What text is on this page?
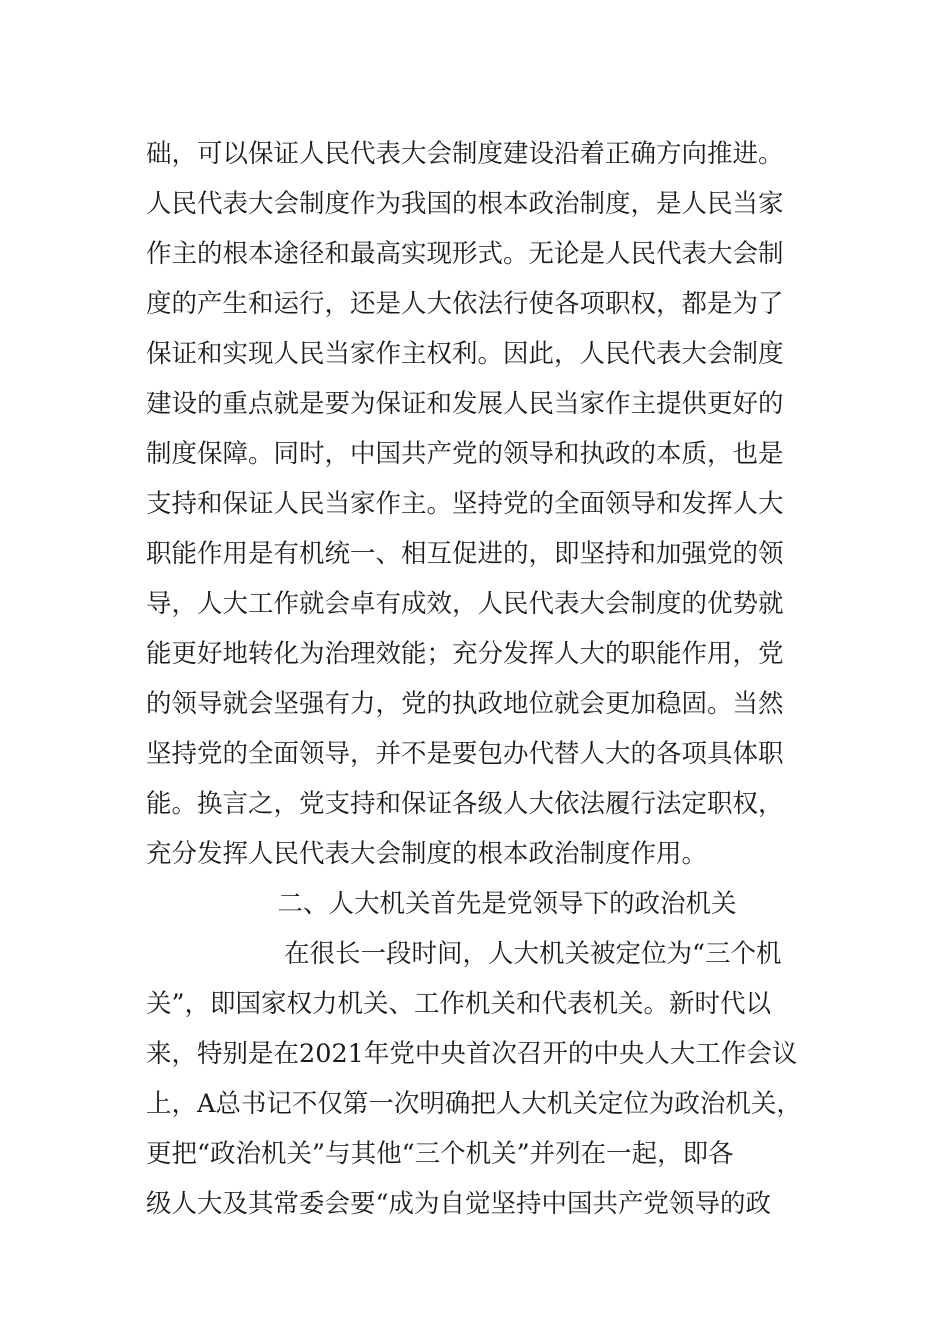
础，可以保证人民代表大会制度建设沿着正确方向推进。
人民代表大会制度作为我国的根本政治制度，是人民当家
作主的根本途径和最高实现形式。无论是人民代表大会制
度的产生和运行，还是人大依法行使各项职权，都是为了
保证和实现人民当家作主权利。因此，人民代表大会制度
建设的重点就是要为保证和发展人民当家作主提供更好的
制度保障。同时，中国共产党的领导和执政的本质，也是
支持和保证人民当家作主。坚持党的全面领导和发挥人大
职能作用是有机统一、相互促进的，即坚持和加强党的领
导，人大工作就会卓有成效，人民代表大会制度的优势就
能更好地转化为治理效能；充分发挥人大的职能作用，党
的领导就会坚强有力，党的执政地位就会更加稳固。当然
坚持党的全面领导，并不是要包办代替人大的各项具体职
能。换言之，党支持和保证各级人大依法履行法定职权，
充分发挥人民代表大会制度的根本政治制度作用。
二、人大机关首先是党领导下的政治机关
在很长一段时间，人大机关被定位为“三个机
关”，即国家权力机关、工作机关和代表机关。新时代以
来，特别是在2021年党中央首次召开的中央人大工作会议
上，A总书记不仅第一次明确把人大机关定位为政治机关，
更把“政治机关”与其他“三个机关”并列在一起，即各
级人大及其常委会要“成为自觉坚持中国共产党领导的政
